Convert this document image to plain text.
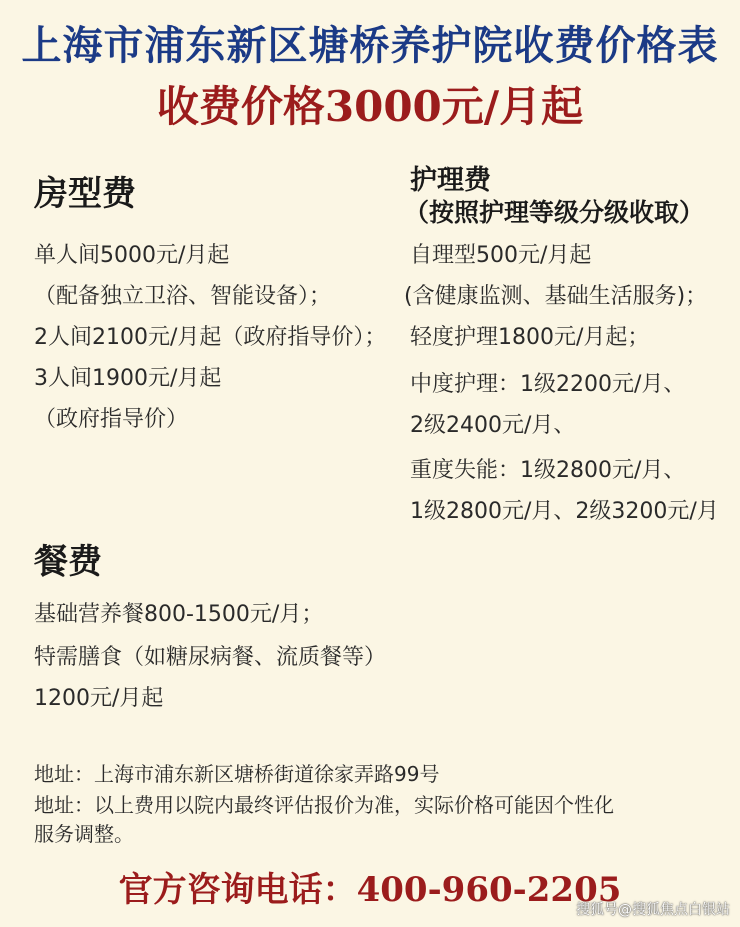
上海市浦东新区塘桥养护院收费价格表
收费价格3000元/月起
房型费
单人间5000元/月起
（配备独立卫浴、智能设备）；
2人间2100元/月起（政府指导价）；
3人间1900元/月起
（政府指导价）
护理费
（按照护理等级分级收取）
自理型500元/月起
(含健康监测、基础生活服务)；
轻度护理1800元/月起；
中度护理：1级2200元/月、
2级2400元/月、
重度失能：1级2800元/月、
1级2800元/月、2级3200元/月
餐费
基础营养餐800-1500元/月；
特需膳食（如糖尿病餐、流质餐等）
1200元/月起
地址：上海市浦东新区塘桥街道徐家弄路99号
地址：以上费用以院内最终评估报价为准，实际价格可能因个性化
服务调整。
官方咨询电话：400-960-2205
搜狐号@搜狐焦点白银站
